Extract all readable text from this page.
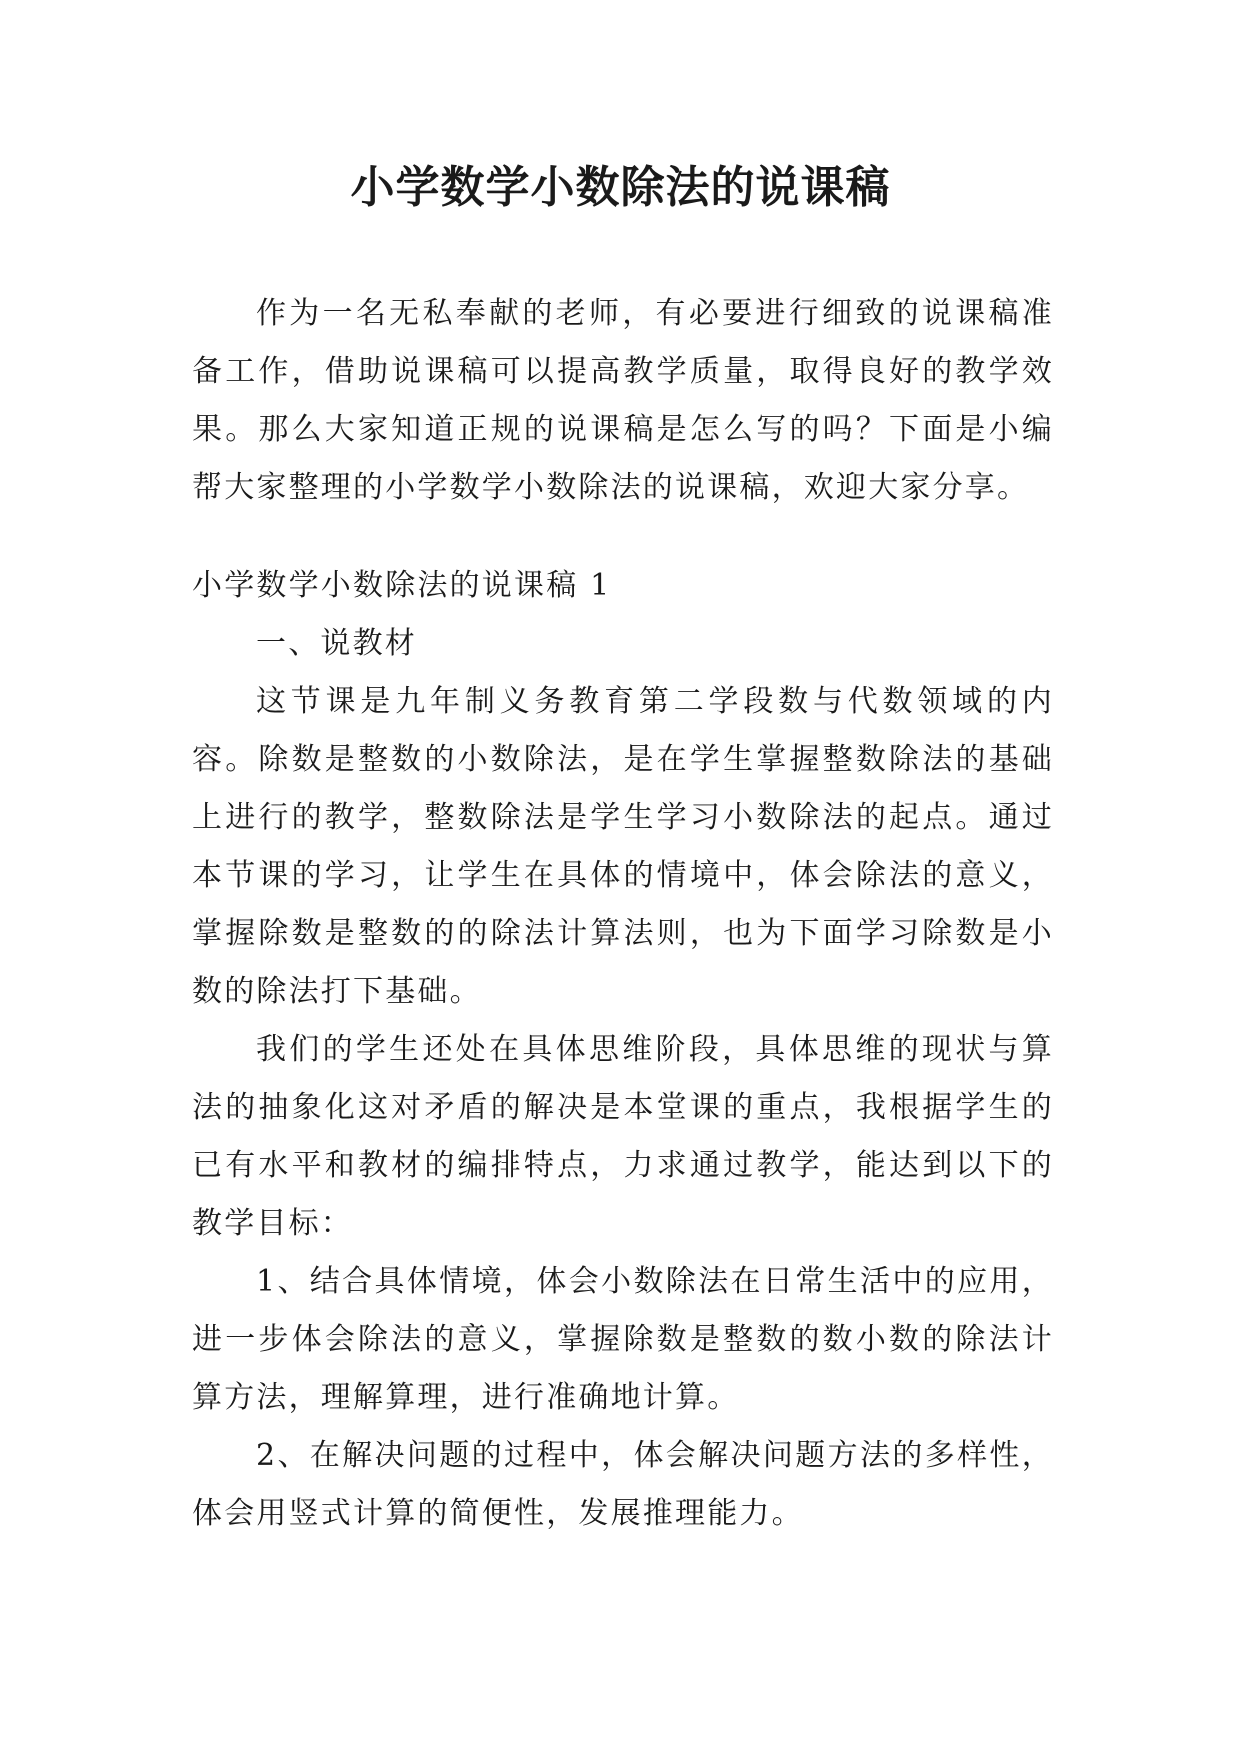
小学数学小数除法的说课稿

作为一名无私奉献的老师，有必要进行细致的说课稿准备工作，借助说课稿可以提高教学质量，取得良好的教学效果。那么大家知道正规的说课稿是怎么写的吗？下面是小编帮大家整理的小学数学小数除法的说课稿，欢迎大家分享。

小学数学小数除法的说课稿 1

一、说教材

这节课是九年制义务教育第二学段数与代数领域的内容。除数是整数的小数除法，是在学生掌握整数除法的基础上进行的教学，整数除法是学生学习小数除法的起点。通过本节课的学习，让学生在具体的情境中，体会除法的意义，掌握除数是整数的的除法计算法则，也为下面学习除数是小数的除法打下基础。

我们的学生还处在具体思维阶段，具体思维的现状与算法的抽象化这对矛盾的解决是本堂课的重点，我根据学生的已有水平和教材的编排特点，力求通过教学，能达到以下的教学目标：

1、结合具体情境，体会小数除法在日常生活中的应用，进一步体会除法的意义，掌握除数是整数的数小数的除法计算方法，理解算理，进行准确地计算。

2、在解决问题的过程中，体会解决问题方法的多样性，体会用竖式计算的简便性，发展推理能力。
